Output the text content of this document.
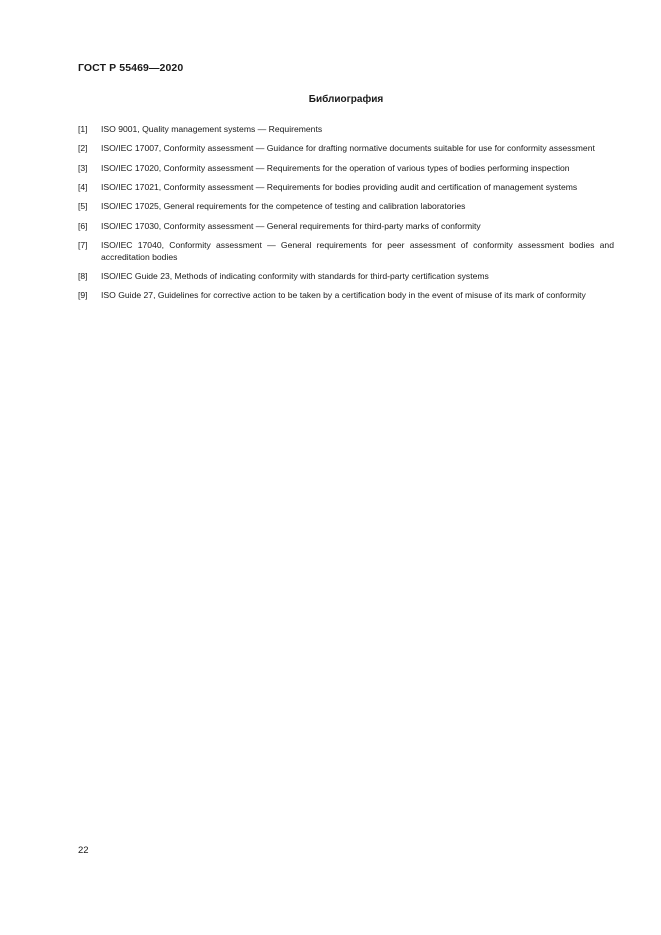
ГОСТ Р 55469—2020
Библиография
[1]	ISO 9001, Quality management systems — Requirements
[2]	ISO/IEC 17007, Conformity assessment — Guidance for drafting normative documents suitable for use for conformity assessment
[3]	ISO/IEC 17020, Conformity assessment — Requirements for the operation of various types of bodies performing inspection
[4]	ISO/IEC 17021, Conformity assessment — Requirements for bodies providing audit and certification of management systems
[5]	ISO/IEC 17025, General requirements for the competence of testing and calibration laboratories
[6]	ISO/IEC 17030, Conformity assessment — General requirements for third-party marks of conformity
[7]	ISO/IEC 17040, Conformity assessment — General requirements for peer assessment of conformity assessment bodies and accreditation bodies
[8]	ISO/IEC Guide 23, Methods of indicating conformity with standards for third-party certification systems
[9]	ISO Guide 27, Guidelines for corrective action to be taken by a certification body in the event of misuse of its mark of conformity
22
